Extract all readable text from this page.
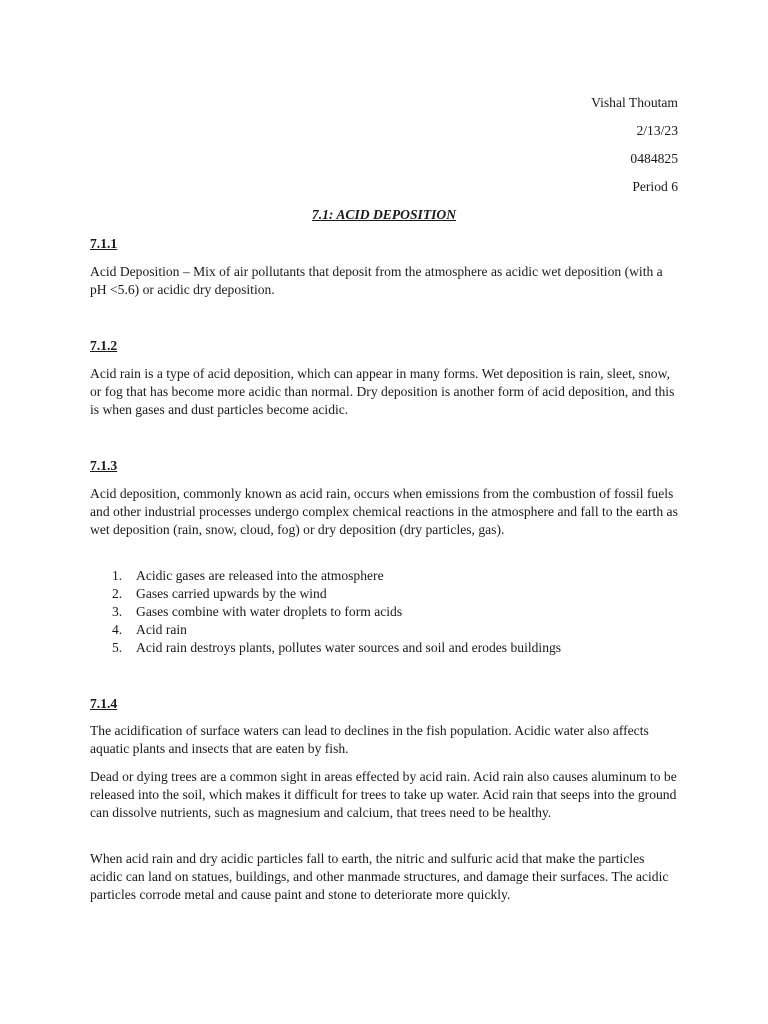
Vishal Thoutam
2/13/23
0484825
Period 6
7.1: ACID DEPOSITION
7.1.1

Acid Deposition – Mix of air pollutants that deposit from the atmosphere as acidic wet deposition (with a pH <5.6) or acidic dry deposition.

7.1.2

Acid rain is a type of acid deposition, which can appear in many forms. Wet deposition is rain, sleet, snow, or fog that has become more acidic than normal. Dry deposition is another form of acid deposition, and this is when gases and dust particles become acidic.

7.1.3

Acid deposition, commonly known as acid rain, occurs when emissions from the combustion of fossil fuels and other industrial processes undergo complex chemical reactions in the atmosphere and fall to the earth as wet deposition (rain, snow, cloud, fog) or dry deposition (dry particles, gas).

1. Acidic gases are released into the atmosphere
2. Gases carried upwards by the wind
3. Gases combine with water droplets to form acids
4. Acid rain
5. Acid rain destroys plants, pollutes water sources and soil and erodes buildings
7.1.4

The acidification of surface waters can lead to declines in the fish population. Acidic water also affects aquatic plants and insects that are eaten by fish.

Dead or dying trees are a common sight in areas effected by acid rain. Acid rain also causes aluminum to be released into the soil, which makes it difficult for trees to take up water. Acid rain that seeps into the ground can dissolve nutrients, such as magnesium and calcium, that trees need to be healthy.

When acid rain and dry acidic particles fall to earth, the nitric and sulfuric acid that make the particles acidic can land on statues, buildings, and other manmade structures, and damage their surfaces. The acidic particles corrode metal and cause paint and stone to deteriorate more quickly.
